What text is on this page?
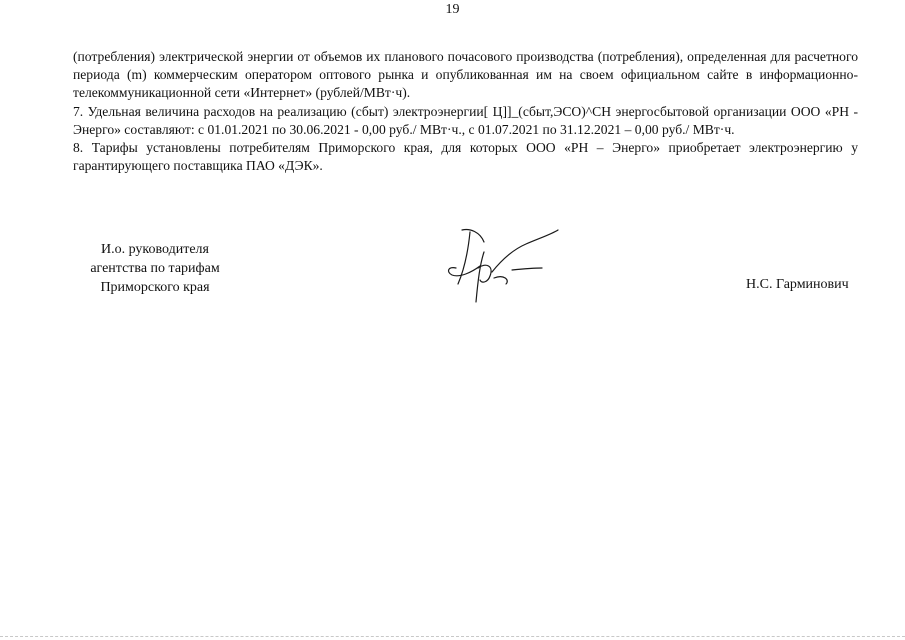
19

(потребления) электрической энергии от объемов их планового почасового производства (потребления), определенная для расчетного периода (m) коммерческим оператором оптового рынка и опубликованная им на своем официальном сайте в информационно-телекоммуникационной сети «Интернет» (рублей/МВт·ч).

7. Удельная величина расходов на реализацию (сбыт) электроэнергии[ Ц]]_(сбыт,ЭСО)^СН энергосбытовой организации ООО «РН - Энерго» составляют: с 01.01.2021 по 30.06.2021 - 0,00 руб./ МВт·ч., с 01.07.2021 по 31.12.2021 – 0,00 руб./ МВт·ч.

8. Тарифы установлены потребителям Приморского края, для которых ООО «РН – Энерго» приобретает электроэнергию у гарантирующего поставщика ПАО «ДЭК».

И.о. руководителя
агентства по тарифам
Приморского края	Н.С. Гарминович
